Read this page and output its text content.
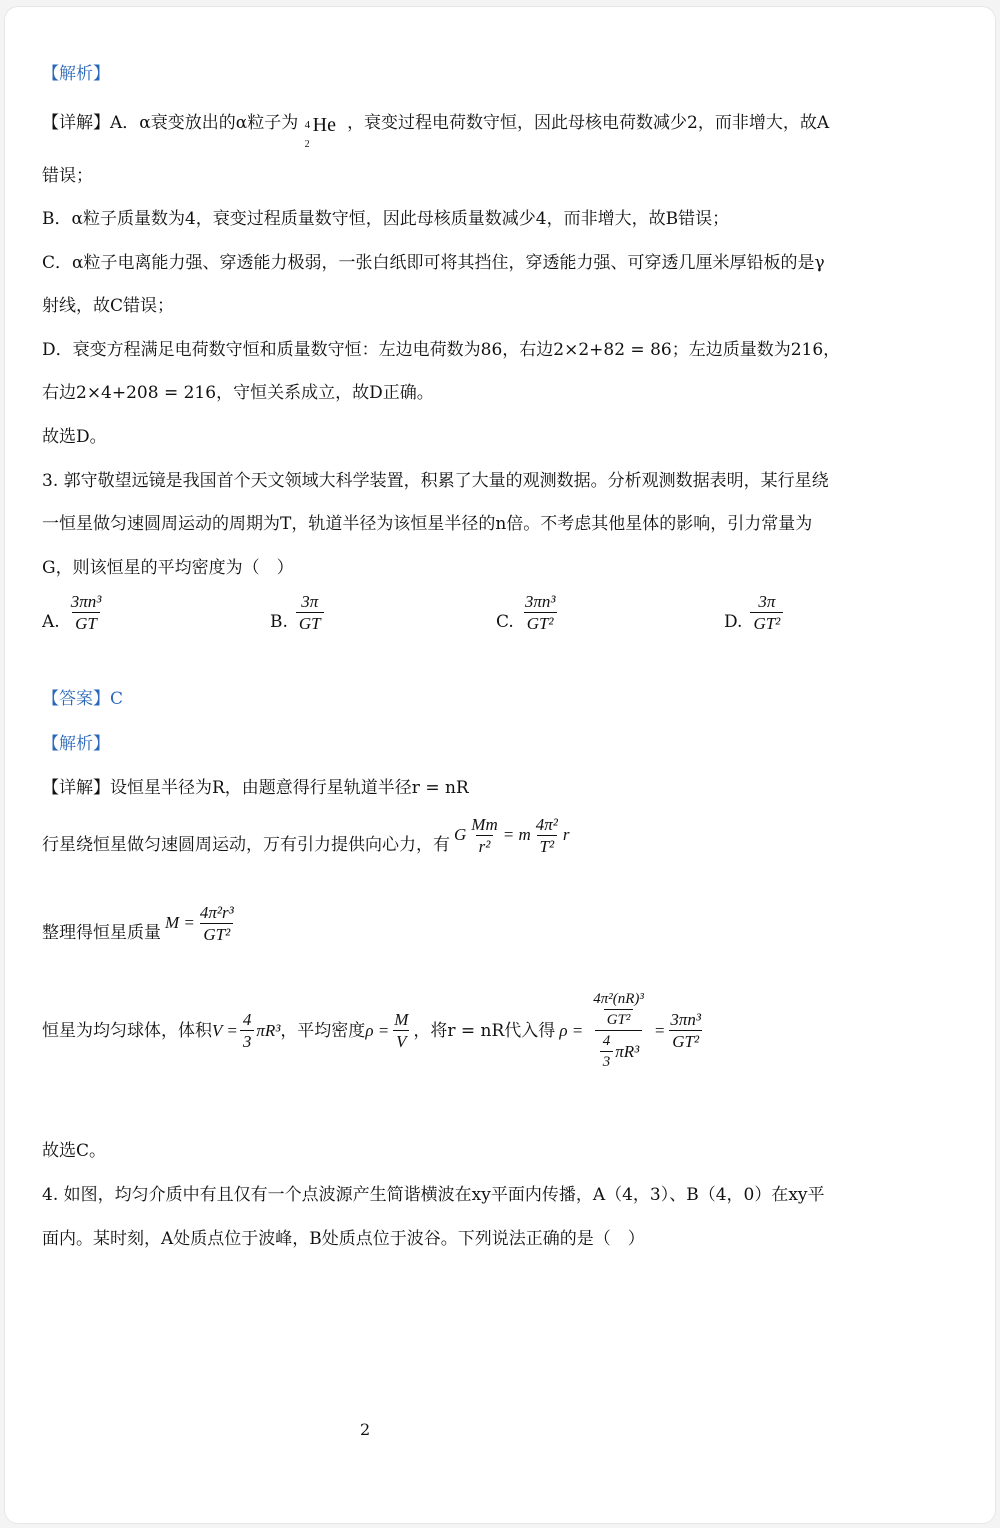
【解析】
【详解】A．α衰变放出的α粒子为 4
2
He ，衰变过程电荷数守恒，因此母核电荷数减少2，而非增大，故A
错误；
B．α粒子质量数为4，衰变过程质量数守恒，因此母核质量数减少4，而非增大，故B错误；
C．α粒子电离能力强、穿透能力极弱，一张白纸即可将其挡住，穿透能力强、可穿透几厘米厚铅板的是γ
射线，故C错误；
D．衰变方程满足电荷数守恒和质量数守恒：左边电荷数为86，右边2×2+82 = 86；左边质量数为216，
右边2×4+208 = 216，守恒关系成立，故D正确。
故选D。
3. 郭守敬望远镜是我国首个天文领域大科学装置，积累了大量的观测数据。分析观测数据表明，某行星绕
一恒星做匀速圆周运动的周期为T，轨道半径为该恒星半径的n倍。不考虑其他星体的影响，引力常量为
G，则该恒星的平均密度为（　）
A. $\frac{\text{3πn³}}{GT}$	B. $\frac{3\pi}{GT}$	C. $\frac{\text{3πn³}}{\text{GT²}}$	D. $\frac{3\pi}{\text{GT²}}$
【答案】C
【解析】
【详解】设恒星半径为R，由题意得行星轨道半径r = nR
行星绕恒星做匀速圆周运动，万有引力提供向心力，有
G $\frac{Mm}{\text{r²}} = m \frac{\text{4π²}}{\text{T²}}$ r
整理得恒星质量
$M = \frac{\text{4π²r³}}{\text{GT²}}$
恒星为均匀球体，体积 $V = \frac{4}{3} \pi R^3$ ，平均密度 $\rho = \frac{M}{V}$ ，将r = nR代入得 $\rho = \frac{\frac{\text{4π²(nR)³}}{\text{GT²}}}{\frac{4}{3} \pi R^3} = \frac{\text{3πn³}}{\text{GT²}}$
故选C。
4. 如图，均匀介质中有且仅有一个点波源产生简谐横波在xy平面内传播，A（4，3）、B（4，0）在xy平
面内。某时刻，A处质点位于波峰，B处质点位于波谷。下列说法正确的是（　）
2
